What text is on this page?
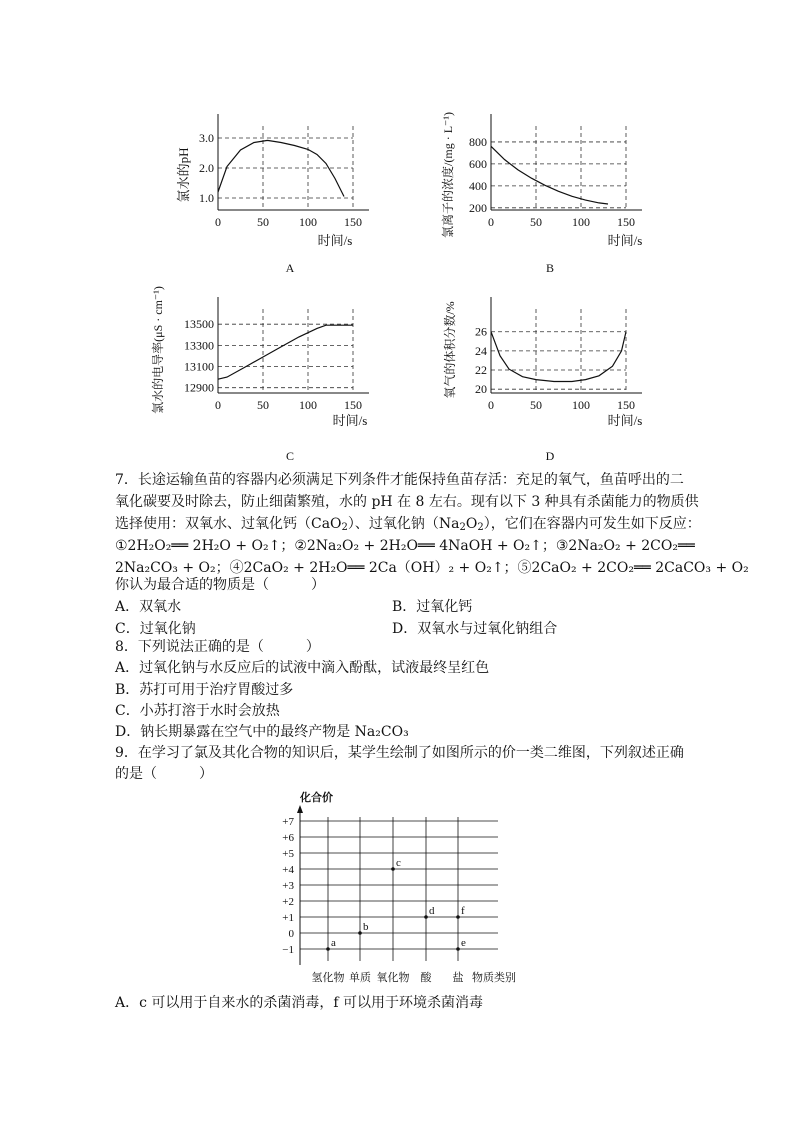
0	50	100 150
1.0
2.0
3.0
氯水的pH
时间/s
A
0	50	100 150
200
400
600
800
氯离子的浓度/(mg · L⁻¹)
时间/s
B
0	50	100 150
12900
13100
13300
13500
氯水的电导率(μS · cm⁻¹)
时间/s
C
0	50	100 150
20
22
24
26
氧气的体积分数/%
时间/s
D
7．长途运输鱼苗的容器内必须满足下列条件才能保持鱼苗存活：充足的氧气，鱼苗呼出的二
氧化碳要及时除去，防止细菌繁殖，水的 pH 在 8 左右。现有以下 3 种具有杀菌能力的物质供
选择使用：双氧水、过氧化钙（CaO$_2$）、过氧化钠$(Na_2O_2)$，它们在容器内可发生如下反应：
①2H₂O₂══ 2H₂O + O₂↑；②2Na₂O₂ + 2H₂O══ 4NaOH + O₂↑；③2Na₂O₂ + 2CO₂══
2Na₂CO₃ + O₂；④2CaO₂ + 2H₂O══ 2Ca（OH）₂ + O₂↑；⑤2CaO₂ + 2CO₂══ 2CaCO₃ + O₂
你认为最合适的物质是（　　　）
A．双氧水	B．过氧化钙
C．过氧化钠	D．双氧水与过氧化钠组合
8．下列说法正确的是（　　　）
A．过氧化钠与水反应后的试液中滴入酚酞，试液最终呈红色
B．苏打可用于治疗胃酸过多
C．小苏打溶于水时会放热
D．钠长期暴露在空气中的最终产物是 Na₂CO₃
9．在学习了氯及其化合物的知识后，某学生绘制了如图所示的价一类二维图，下列叙述正确
的是（　　　）
+7
+6
+5
+4
+3
+2
+1
0
−1
氢化物 单质 氧化物 酸 盐
a
b
c
d
e
f
化合价
物质类别
A．c 可以用于自来水的杀菌消毒，f 可以用于环境杀菌消毒
